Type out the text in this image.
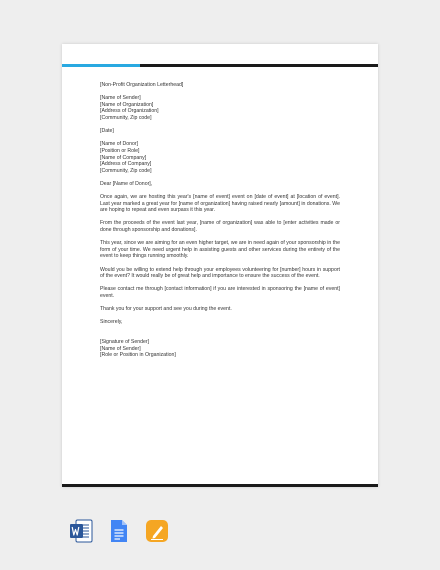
[Non-Profit Organization Letterhead]
[Name of Sender]
[Name of Organization]
[Address of Organization]
[Community, Zip code]
[Date]
[Name of Donor]
[Position or Role]
[Name of Company]
[Address of Company]
[Community, Zip code]
Dear [Name of Donor],

Once again, we are hosting this year's [name of event] event on [date of event] at [location of event]. Last year marked a great year for [name of organization] having raised nearly [amount] in donations. We are hoping to repeat and even surpass it this year.

From the proceeds of the event last year, [name of organization] was able to [enter activities made or done through sponsorship and donations].

This year, since we are aiming for an even higher target, we are in need again of your sponsorship in the form of your time. We need urgent help in assisting guests and other services during the entirety of the event to keep things running smoothly.

Would you be willing to extend help through your employees volunteering for [number] hours in support of the event? It would really be of great help and importance to ensure the success of the event.

Please contact me through [contact information] if you are interested in sponsoring the [name of event] event.

Thank you for your support and see you during the event.

Sincerely,
[Signature of Sender]
[Name of Sender]
[Role or Position in Organization]
